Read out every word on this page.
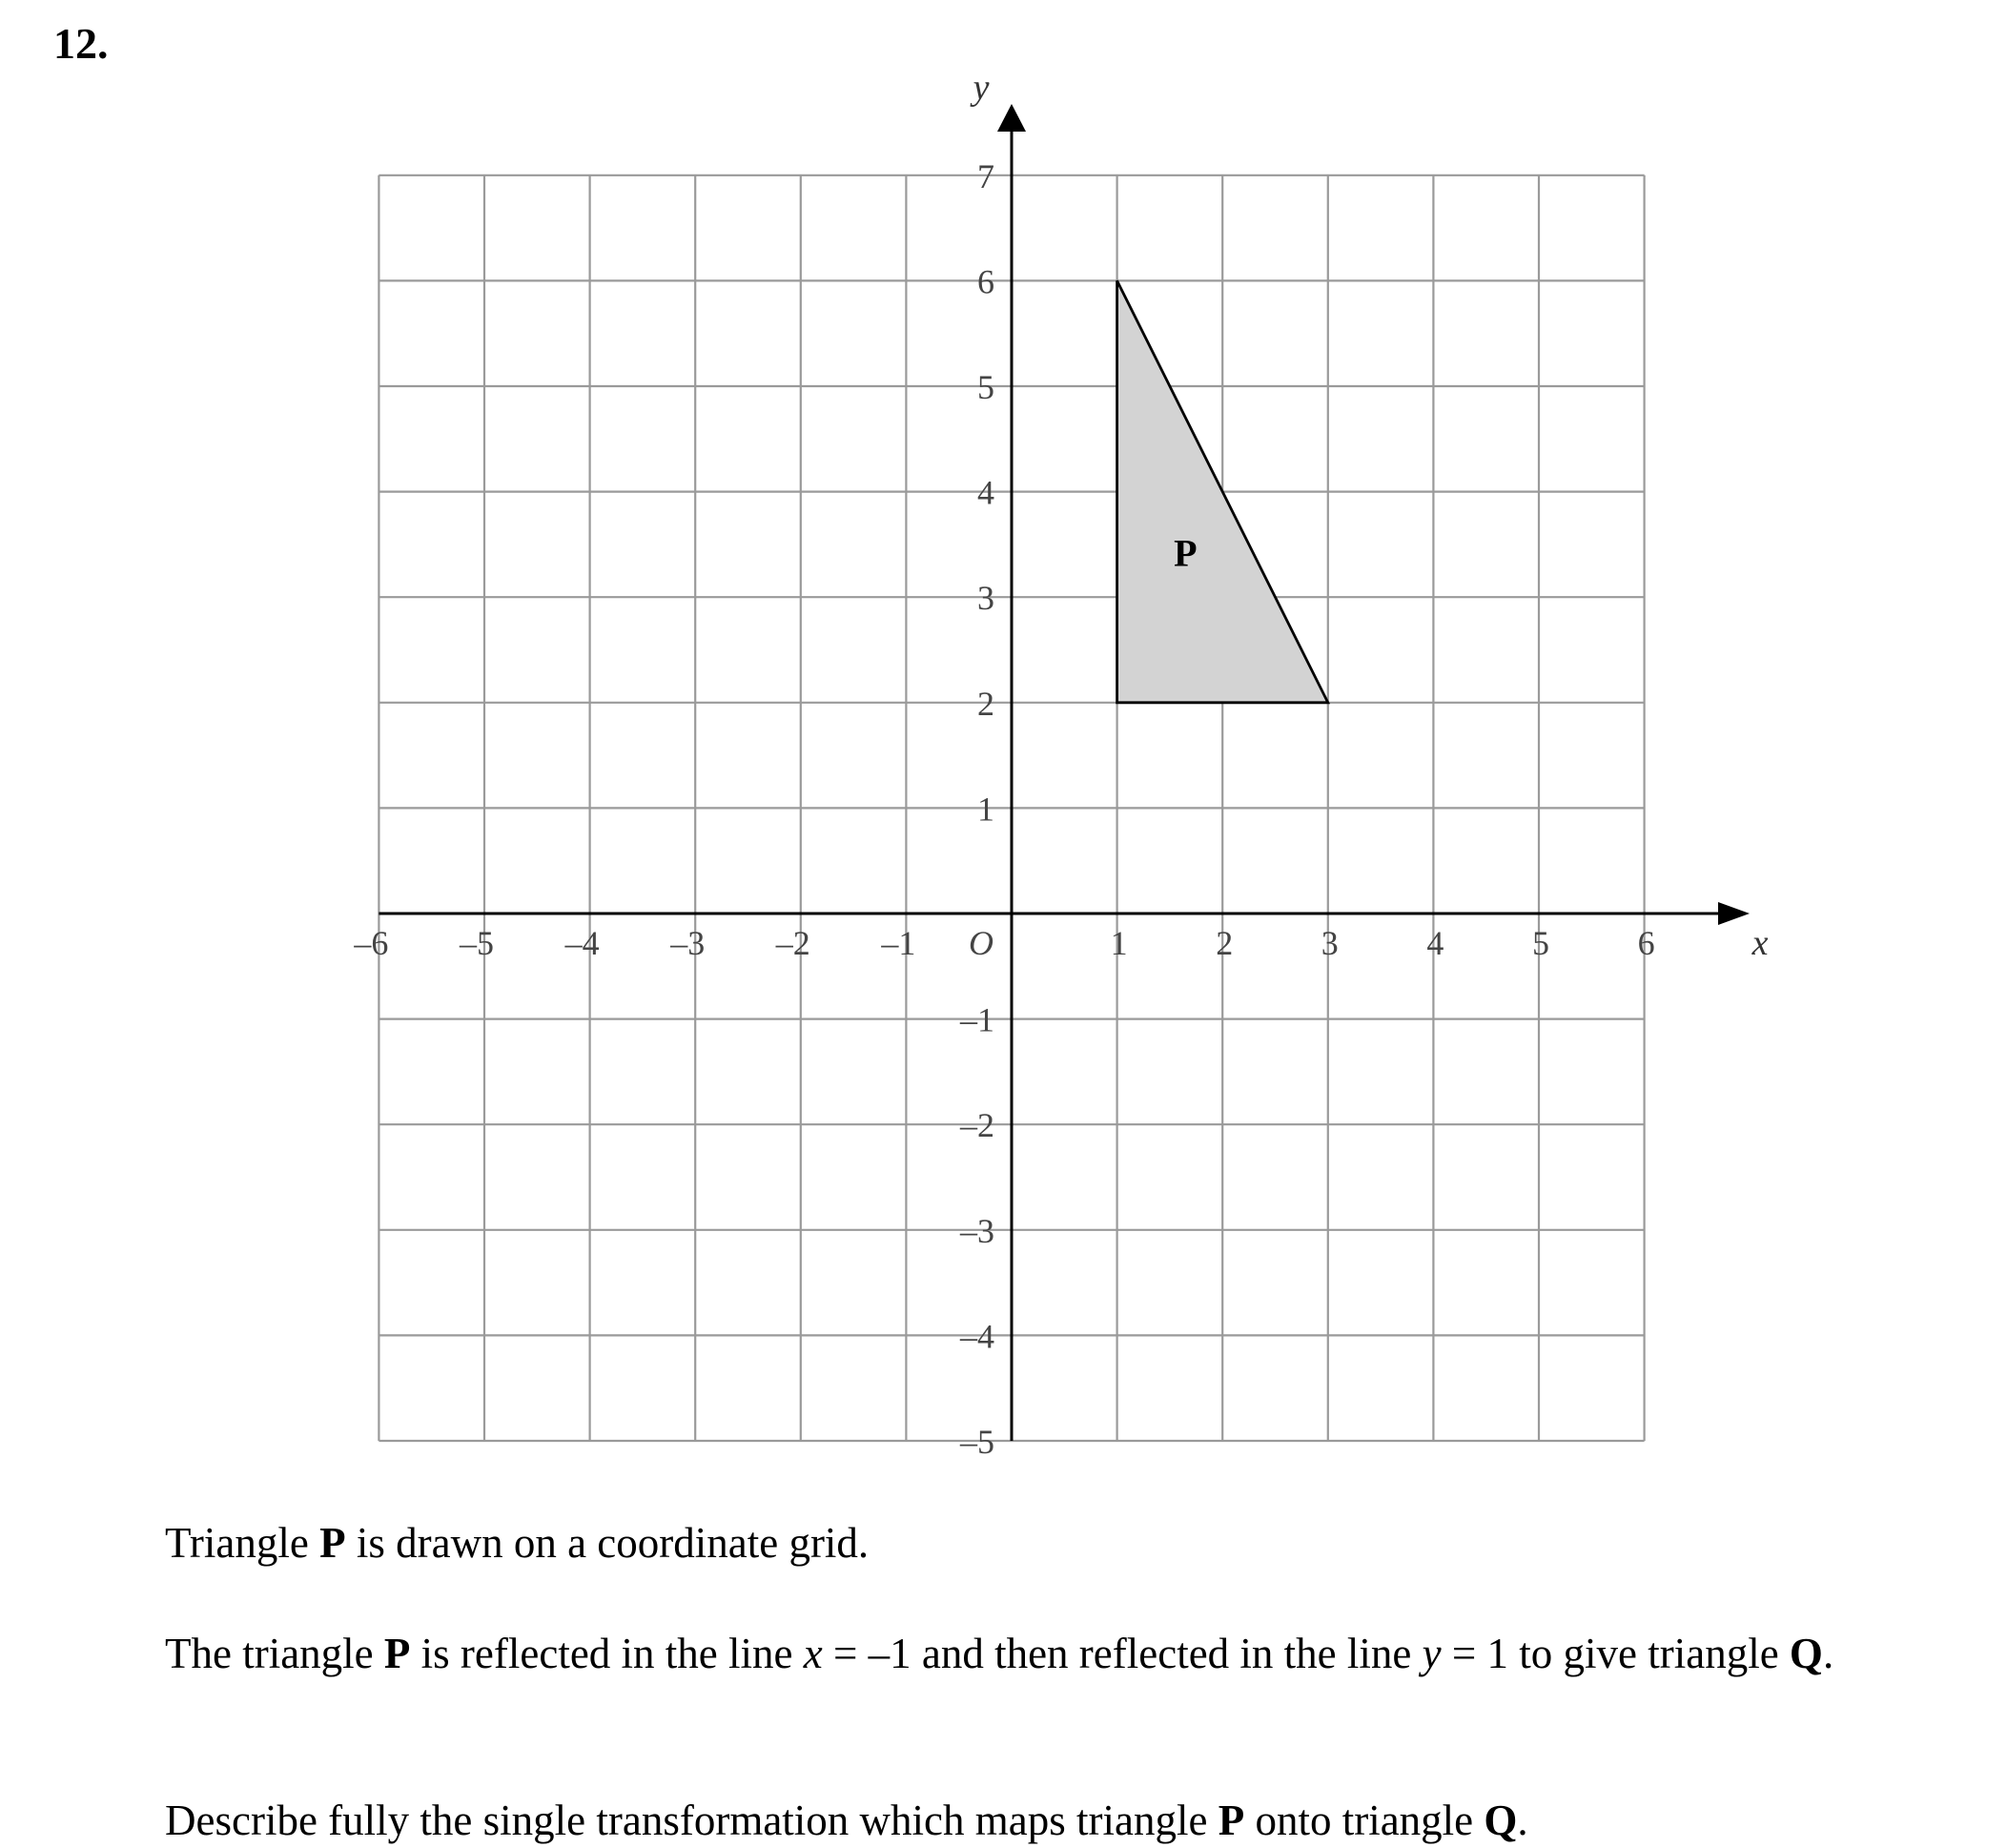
12.
P
–6 –5 –4 –3 –2 –1	1	2	3	4	5	6
7
6
5
4
3
2
1
–1
–2
–3
–4
–5
O	x
y
Triangle P is drawn on a coordinate grid.
The triangle P is reflected in the line x = –1 and then reflected in the line y = 1 to give triangle Q.
Describe fully the single transformation which maps triangle P onto triangle Q.
